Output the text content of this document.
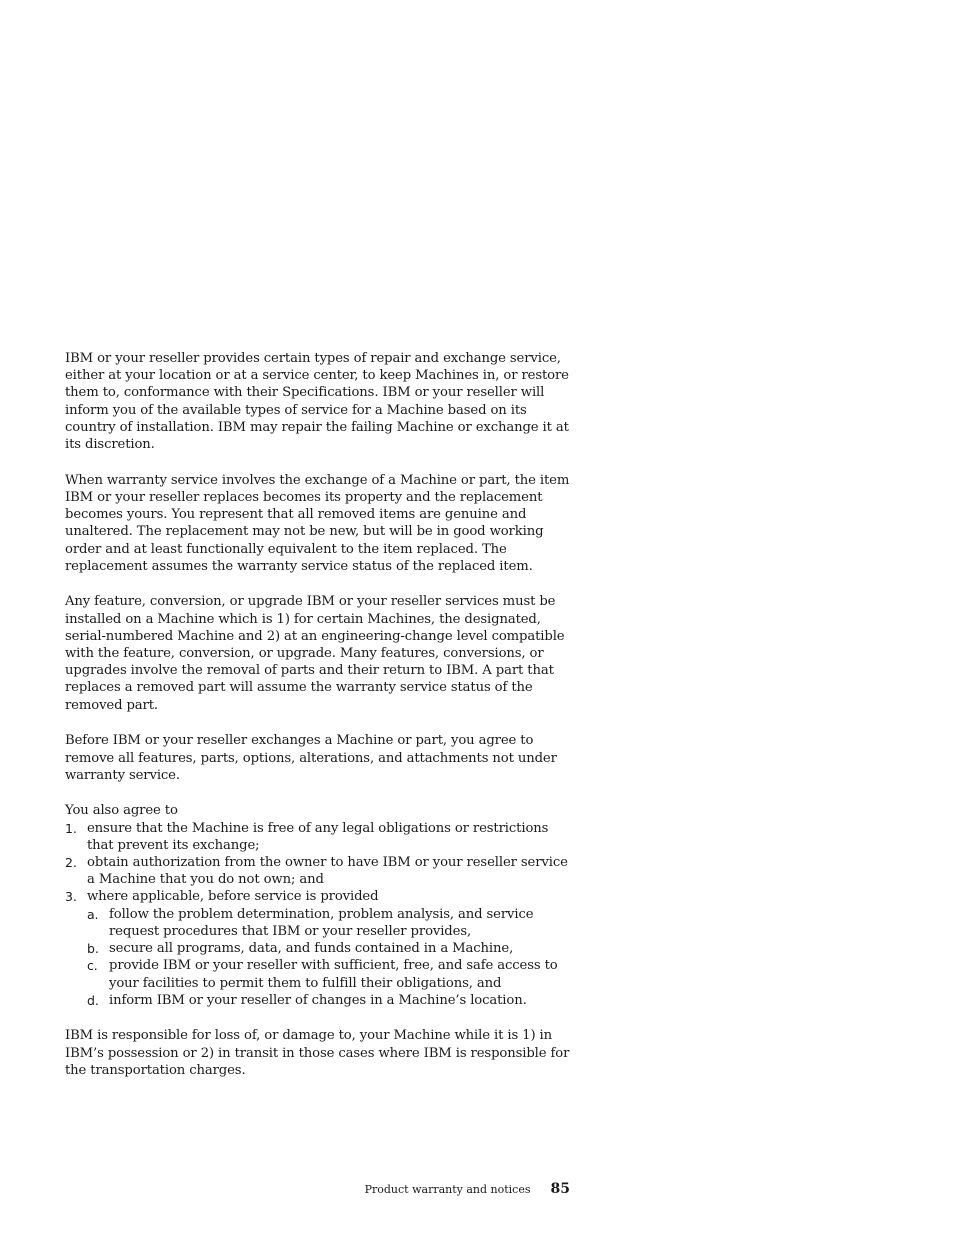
IBM or your reseller provides certain types of repair and exchange service, either at your location or at a service center, to keep Machines in, or restore them to, conformance with their Specifications. IBM or your reseller will inform you of the available types of service for a Machine based on its country of installation. IBM may repair the failing Machine or exchange it at its discretion.

When warranty service involves the exchange of a Machine or part, the item IBM or your reseller replaces becomes its property and the replacement becomes yours. You represent that all removed items are genuine and unaltered. The replacement may not be new, but will be in good working order and at least functionally equivalent to the item replaced. The replacement assumes the warranty service status of the replaced item.

Any feature, conversion, or upgrade IBM or your reseller services must be installed on a Machine which is 1) for certain Machines, the designated, serial-numbered Machine and 2) at an engineering-change level compatible with the feature, conversion, or upgrade. Many features, conversions, or upgrades involve the removal of parts and their return to IBM. A part that replaces a removed part will assume the warranty service status of the removed part.

Before IBM or your reseller exchanges a Machine or part, you agree to remove all features, parts, options, alterations, and attachments not under warranty service.

You also agree to
1. ensure that the Machine is free of any legal obligations or restrictions that prevent its exchange;
2. obtain authorization from the owner to have IBM or your reseller service a Machine that you do not own; and
3. where applicable, before service is provided
a. follow the problem determination, problem analysis, and service request procedures that IBM or your reseller provides,
b. secure all programs, data, and funds contained in a Machine,
c. provide IBM or your reseller with sufficient, free, and safe access to your facilities to permit them to fulfill their obligations, and
d. inform IBM or your reseller of changes in a Machine’s location.

IBM is responsible for loss of, or damage to, your Machine while it is 1) in IBM’s possession or 2) in transit in those cases where IBM is responsible for the transportation charges.

Product warranty and notices 85
